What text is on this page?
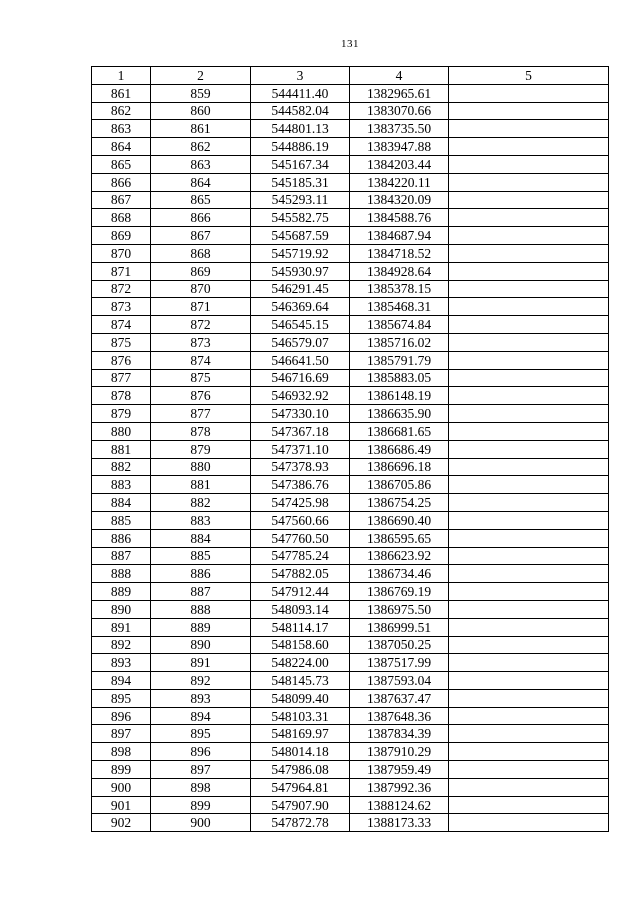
131
1	2	3	4	5
861	859	544411.40	1382965.61	
862	860	544582.04	1383070.66	
863	861	544801.13	1383735.50	
864	862	544886.19	1383947.88	
865	863	545167.34	1384203.44	
866	864	545185.31	1384220.11	
867	865	545293.11	1384320.09	
868	866	545582.75	1384588.76	
869	867	545687.59	1384687.94	
870	868	545719.92	1384718.52	
871	869	545930.97	1384928.64	
872	870	546291.45	1385378.15	
873	871	546369.64	1385468.31	
874	872	546545.15	1385674.84	
875	873	546579.07	1385716.02	
876	874	546641.50	1385791.79	
877	875	546716.69	1385883.05	
878	876	546932.92	1386148.19	
879	877	547330.10	1386635.90	
880	878	547367.18	1386681.65	
881	879	547371.10	1386686.49	
882	880	547378.93	1386696.18	
883	881	547386.76	1386705.86	
884	882	547425.98	1386754.25	
885	883	547560.66	1386690.40	
886	884	547760.50	1386595.65	
887	885	547785.24	1386623.92	
888	886	547882.05	1386734.46	
889	887	547912.44	1386769.19	
890	888	548093.14	1386975.50	
891	889	548114.17	1386999.51	
892	890	548158.60	1387050.25	
893	891	548224.00	1387517.99	
894	892	548145.73	1387593.04	
895	893	548099.40	1387637.47	
896	894	548103.31	1387648.36	
897	895	548169.97	1387834.39	
898	896	548014.18	1387910.29	
899	897	547986.08	1387959.49	
900	898	547964.81	1387992.36	
901	899	547907.90	1388124.62	
902	900	547872.78	1388173.33	
